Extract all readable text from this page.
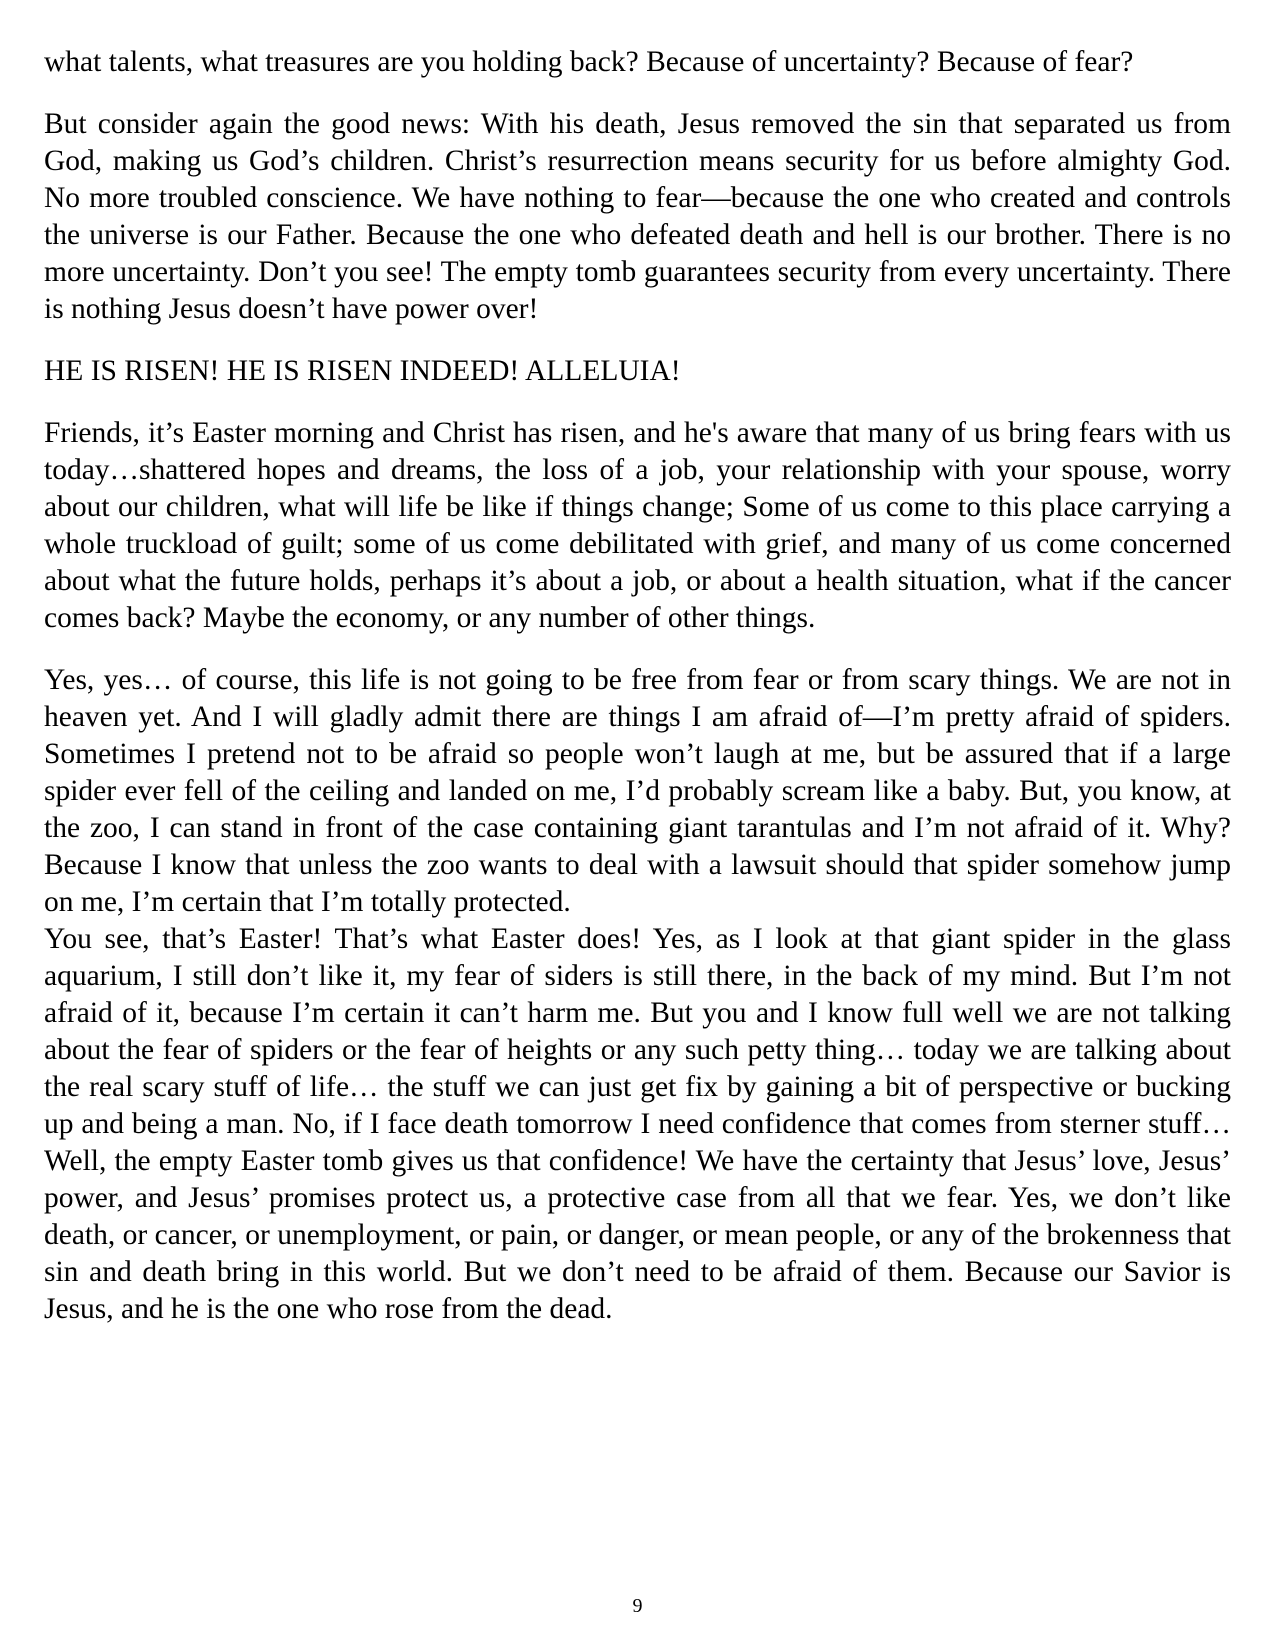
what talents, what treasures are you holding back? Because of uncertainty? Because of fear?

But consider again the good news: With his death, Jesus removed the sin that separated us from God, making us God’s children. Christ’s resurrection means security for us before almighty God. No more troubled conscience. We have nothing to fear—because the one who created and controls the universe is our Father. Because the one who defeated death and hell is our brother. There is no more uncertainty. Don’t you see! The empty tomb guarantees security from every uncertainty. There is nothing Jesus doesn’t have power over!

HE IS RISEN! HE IS RISEN INDEED! ALLELUIA!

Friends, it’s Easter morning and Christ has risen, and he's aware that many of us bring fears with us today…shattered hopes and dreams, the loss of a job, your relationship with your spouse, worry about our children, what will life be like if things change; Some of us come to this place carrying a whole truckload of guilt; some of us come debilitated with grief, and many of us come concerned about what the future holds, perhaps it’s about a job, or about a health situation, what if the cancer comes back? Maybe the economy, or any number of other things.

Yes, yes… of course, this life is not going to be free from fear or from scary things. We are not in heaven yet. And I will gladly admit there are things I am afraid of—I’m pretty afraid of spiders. Sometimes I pretend not to be afraid so people won’t laugh at me, but be assured that if a large spider ever fell of the ceiling and landed on me, I’d probably scream like a baby. But, you know, at the zoo, I can stand in front of the case containing giant tarantulas and I’m not afraid of it. Why? Because I know that unless the zoo wants to deal with a lawsuit should that spider somehow jump on me, I’m certain that I’m totally protected.

You see, that’s Easter! That’s what Easter does! Yes, as I look at that giant spider in the glass aquarium, I still don’t like it, my fear of siders is still there, in the back of my mind. But I’m not afraid of it, because I’m certain it can’t harm me. But you and I know full well we are not talking about the fear of spiders or the fear of heights or any such petty thing… today we are talking about the real scary stuff of life… the stuff we can just get fix by gaining a bit of perspective or bucking up and being a man. No, if I face death tomorrow I need confidence that comes from sterner stuff… Well, the empty Easter tomb gives us that confidence! We have the certainty that Jesus’ love, Jesus’ power, and Jesus’ promises protect us, a protective case from all that we fear. Yes, we don’t like death, or cancer, or unemployment, or pain, or danger, or mean people, or any of the brokenness that sin and death bring in this world. But we don’t need to be afraid of them. Because our Savior is Jesus, and he is the one who rose from the dead.

9
